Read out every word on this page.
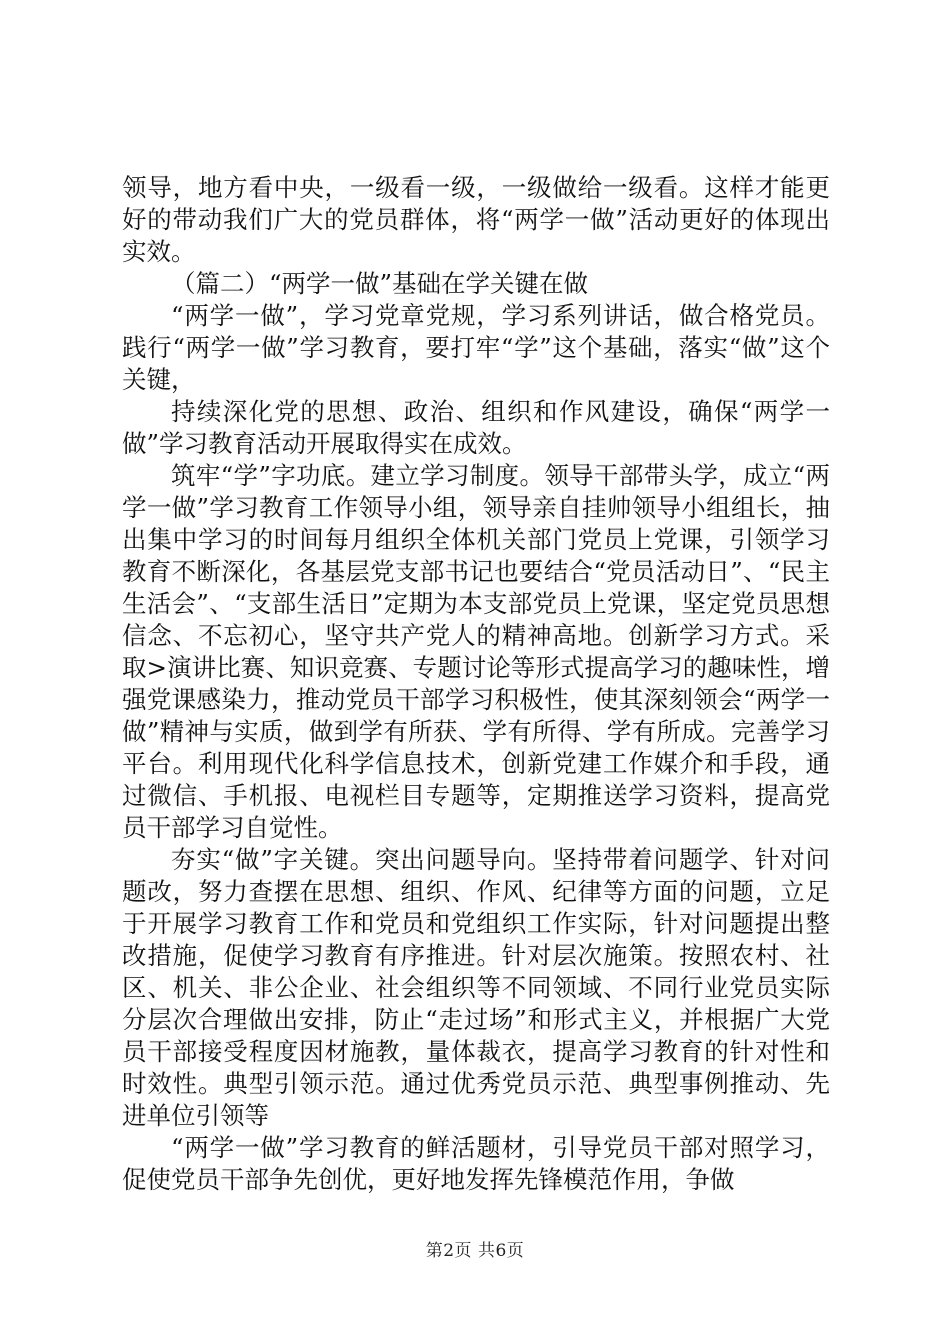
领导，地方看中央，一级看一级，一级做给一级看。这样才能更好的带动我们广大的党员群体，将“两学一做”活动更好的体现出实效。

（篇二）“两学一做”基础在学关键在做

“两学一做”，学习党章党规，学习系列讲话，做合格党员。践行“两学一做”学习教育，要打牢“学”这个基础，落实“做”这个关键，

持续深化党的思想、政治、组织和作风建设，确保“两学一做”学习教育活动开展取得实在成效。

筑牢“学”字功底。建立学习制度。领导干部带头学，成立“两学一做”学习教育工作领导小组，领导亲自挂帅领导小组组长，抽出集中学习的时间每月组织全体机关部门党员上党课，引领学习教育不断深化，各基层党支部书记也要结合“党员活动日”、“民主生活会”、“支部生活日”定期为本支部党员上党课，坚定党员思想信念、不忘初心，坚守共产党人的精神高地。创新学习方式。采取>演讲比赛、知识竞赛、专题讨论等形式提高学习的趣味性，增强党课感染力，推动党员干部学习积极性，使其深刻领会“两学一做”精神与实质，做到学有所获、学有所得、学有所成。完善学习平台。利用现代化科学信息技术，创新党建工作媒介和手段，通过微信、手机报、电视栏目专题等，定期推送学习资料，提高党员干部学习自觉性。

夯实“做”字关键。突出问题导向。坚持带着问题学、针对问题改，努力查摆在思想、组织、作风、纪律等方面的问题，立足于开展学习教育工作和党员和党组织工作实际，针对问题提出整改措施，促使学习教育有序推进。针对层次施策。按照农村、社区、机关、非公企业、社会组织等不同领域、不同行业党员实际分层次合理做出安排，防止“走过场”和形式主义，并根据广大党员干部接受程度因材施教，量体裁衣，提高学习教育的针对性和时效性。典型引领示范。通过优秀党员示范、典型事例推动、先进单位引领等

“两学一做”学习教育的鲜活题材，引导党员干部对照学习，促使党员干部争先创优，更好地发挥先锋模范作用，争做

第2页 共6页
